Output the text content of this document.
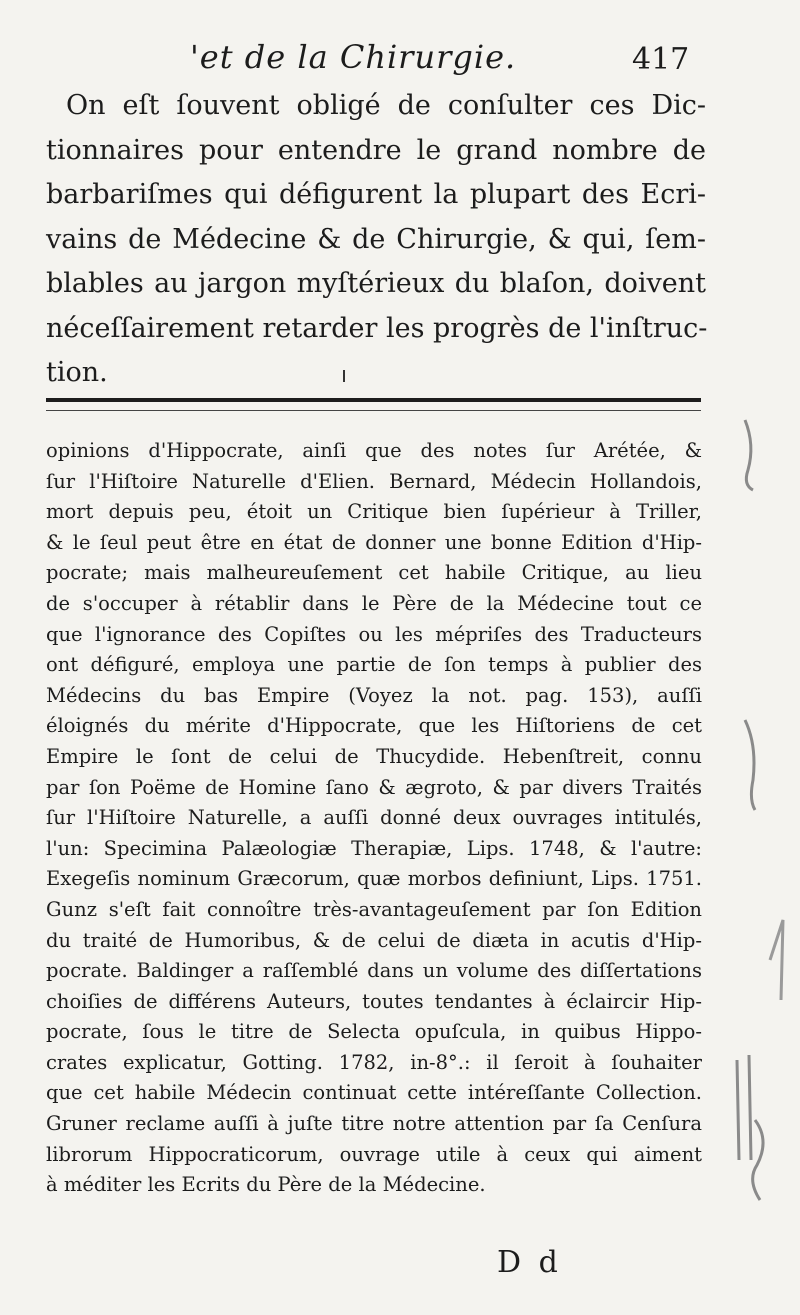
'et de la Chirurgie.	417
On eſt ſouvent obligé de conſulter ces Dic-
tionnaires pour entendre le grand nombre de
barbariſmes qui défigurent la plupart des Ecri-
vains de Médecine & de Chirurgie, & qui, ſem-
blables au jargon myſtérieux du blaſon, doivent
néceſſairement retarder les progrès de l'inſtruc-
tion.
opinions d'Hippocrate, ainſi que des notes ſur Arétée, &
ſur l'Hiſtoire Naturelle d'Elien. Bernard, Médecin Hollandois,
mort depuis peu, étoit un Critique bien ſupérieur à Triller,
& le ſeul peut être en état de donner une bonne Edition d'Hip-
pocrate; mais malheureuſement cet habile Critique, au lieu
de s'occuper à rétablir dans le Père de la Médecine tout ce
que l'ignorance des Copiſtes ou les mépriſes des Traducteurs
ont défiguré, employa une partie de ſon temps à publier des
Médecins du bas Empire (Voyez la not. pag. 153), auſſi
éloignés du mérite d'Hippocrate, que les Hiſtoriens de cet
Empire le ſont de celui de Thucydide. Hebenſtreit, connu
par ſon Poëme de Homine ſano & ægroto, & par divers Traités
ſur l'Hiſtoire Naturelle, a auſſi donné deux ouvrages intitulés,
l'un: Specimina Palæologiæ Therapiæ, Lips. 1748, & l'autre:
Exegeſis nominum Græcorum, quæ morbos definiunt, Lips. 1751.
Gunz s'eſt fait connoître très-avantageuſement par ſon Edition
du traité de Humoribus, & de celui de diæta in acutis d'Hip-
pocrate. Baldinger a raſſemblé dans un volume des diſſertations
choiſies de différens Auteurs, toutes tendantes à éclaircir Hip-
pocrate, ſous le titre de Selecta opuſcula, in quibus Hippo-
crates explicatur, Gotting. 1782, in-8°.: il ſeroit à ſouhaiter
que cet habile Médecin continuat cette intéreſſante Collection.
Gruner reclame auſſi à juſte titre notre attention par ſa Cenſura
librorum Hippocraticorum, ouvrage utile à ceux qui aiment
à méditer les Ecrits du Père de la Médecine.
D d
